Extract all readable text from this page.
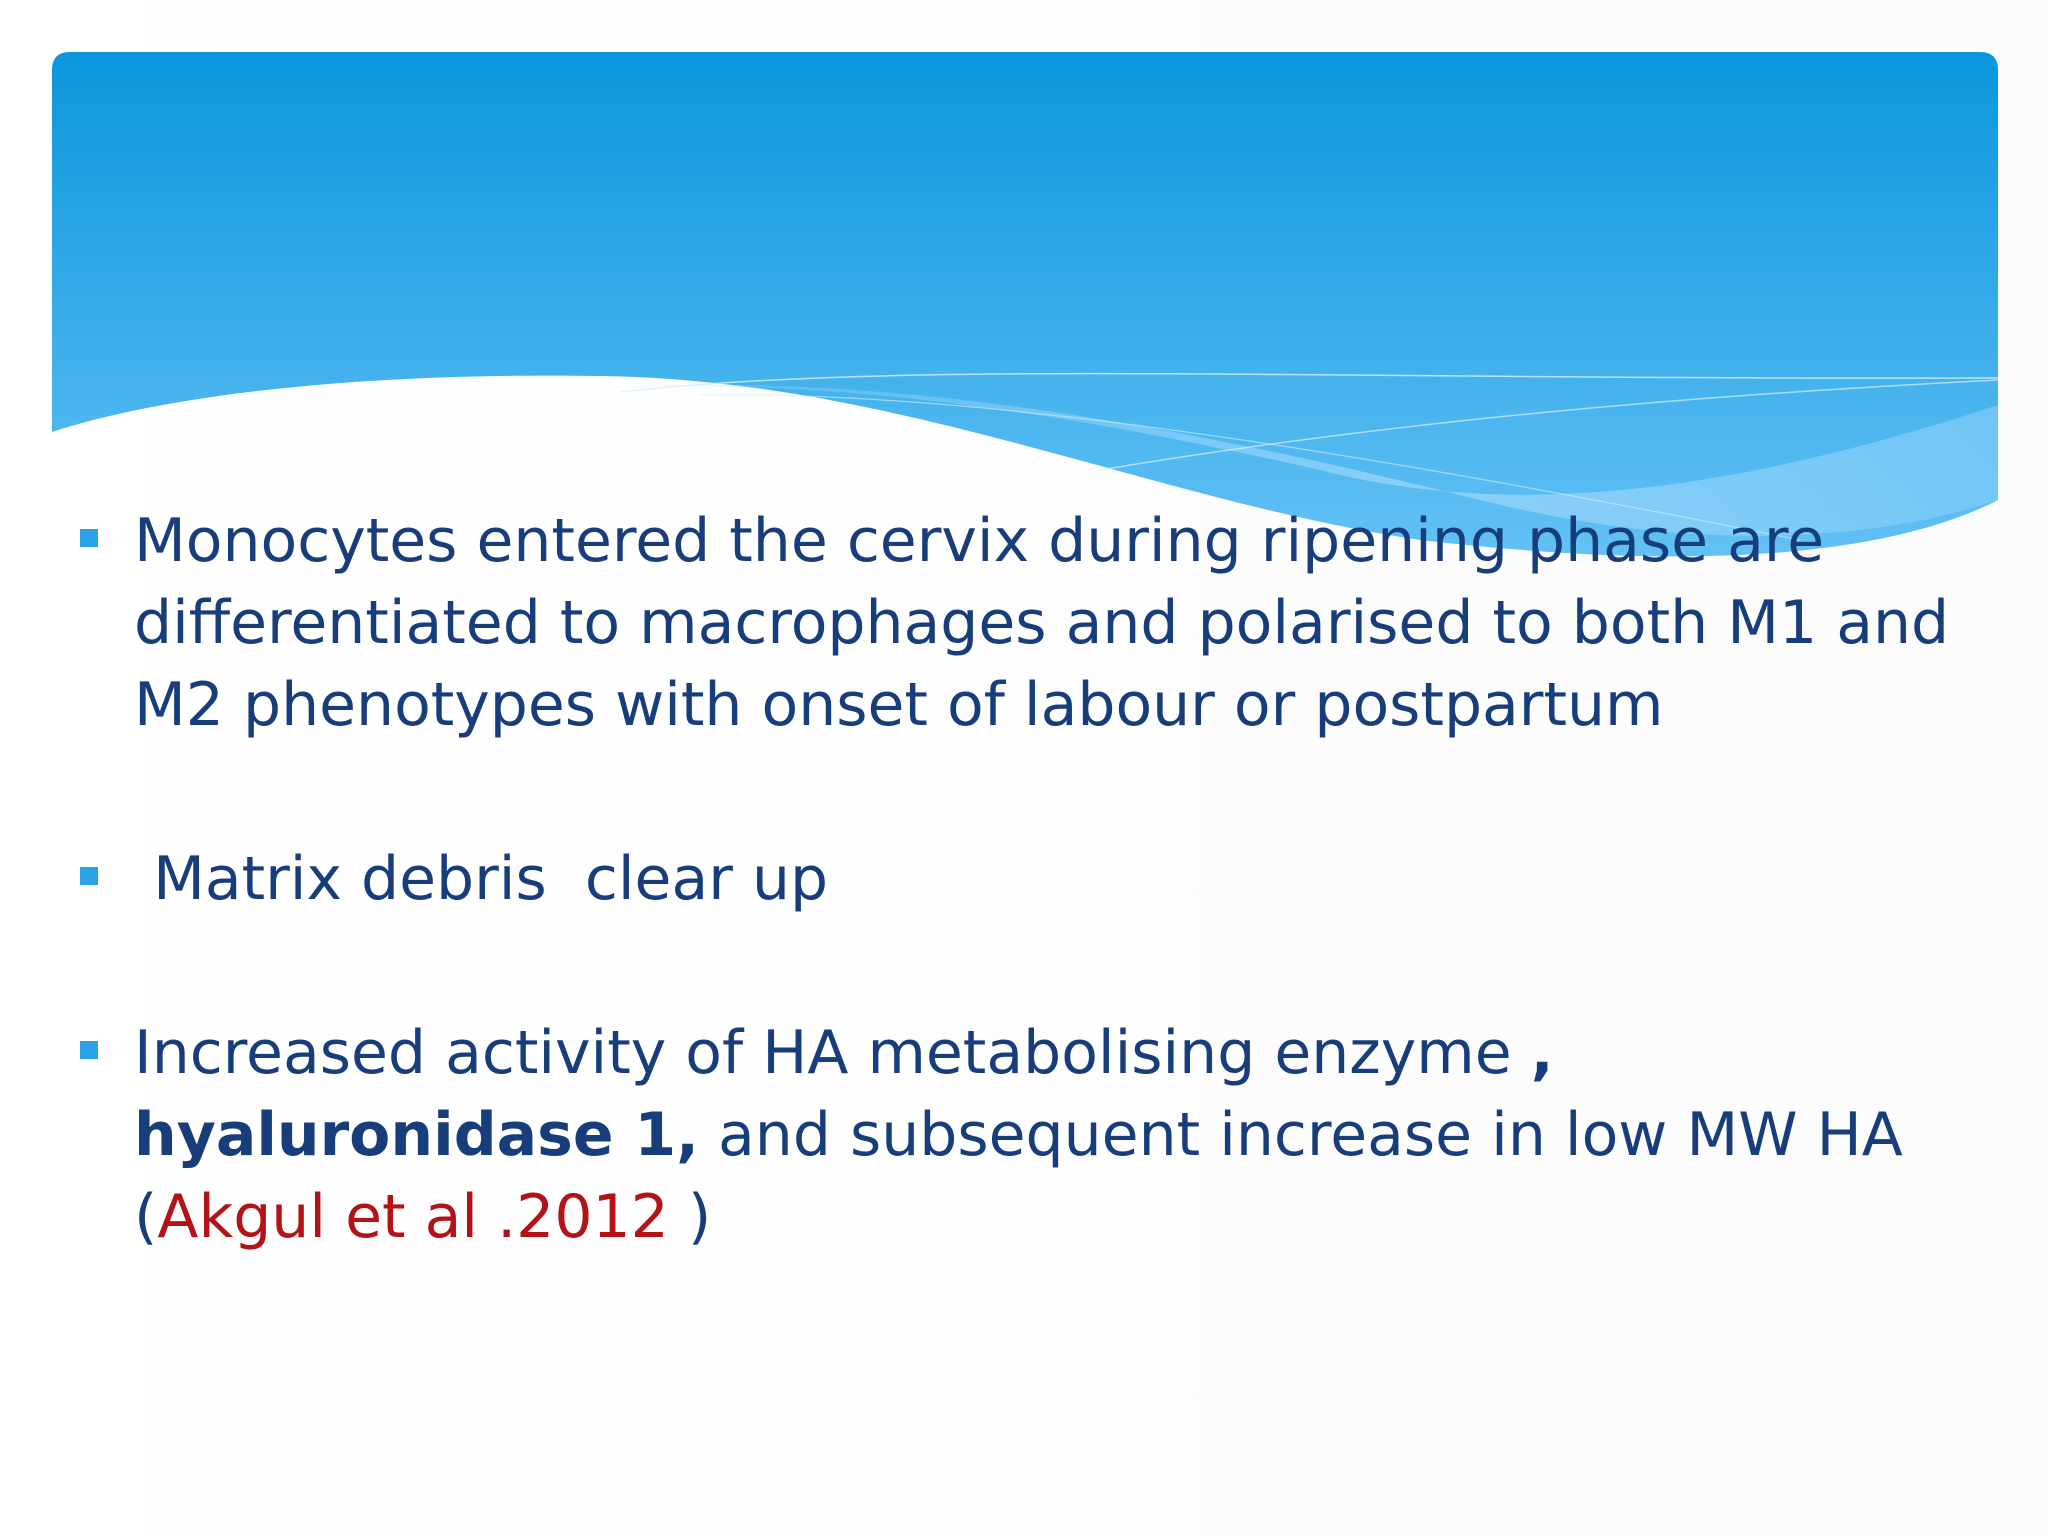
Monocytes entered the cervix during ripening phase are differentiated to macrophages and polarised to both M1 and M2 phenotypes with onset of labour or postpartum
Matrix debris  clear up
Increased activity of HA metabolising enzyme , hyaluronidase 1, and subsequent increase in low MW HA (Akgul et al .2012 )
